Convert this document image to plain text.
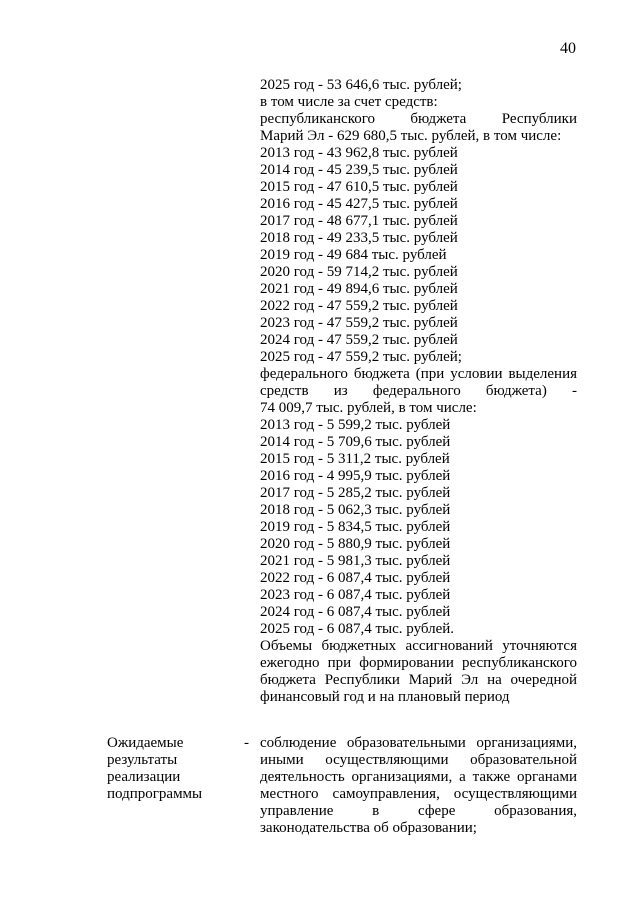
40
2025 год - 53 646,6 тыс. рублей;
в том числе за счет средств:
республиканского бюджета Республики
Марий Эл - 629 680,5 тыс. рублей, в том числе:
2013 год - 43 962,8 тыс. рублей
2014 год - 45 239,5 тыс. рублей
2015 год - 47 610,5 тыс. рублей
2016 год - 45 427,5 тыс. рублей
2017 год - 48 677,1 тыс. рублей
2018 год - 49 233,5 тыс. рублей
2019 год - 49 684 тыс. рублей
2020 год - 59 714,2 тыс. рублей
2021 год - 49 894,6 тыс. рублей
2022 год - 47 559,2 тыс. рублей
2023 год - 47 559,2 тыс. рублей
2024 год - 47 559,2 тыс. рублей
2025 год - 47 559,2 тыс. рублей;
федерального бюджета (при условии выделения
средств из федерального бюджета) -
74 009,7 тыс. рублей, в том числе:
2013 год - 5 599,2 тыс. рублей
2014 год - 5 709,6 тыс. рублей
2015 год - 5 311,2 тыс. рублей
2016 год - 4 995,9 тыс. рублей
2017 год - 5 285,2 тыс. рублей
2018 год - 5 062,3 тыс. рублей
2019 год - 5 834,5 тыс. рублей
2020 год - 5 880,9 тыс. рублей
2021 год - 5 981,3 тыс. рублей
2022 год - 6 087,4 тыс. рублей
2023 год - 6 087,4 тыс. рублей
2024 год - 6 087,4 тыс. рублей
2025 год - 6 087,4 тыс. рублей.
Объемы бюджетных ассигнований уточняются
ежегодно при формировании республиканского
бюджета Республики Марий Эл на очередной
финансовый год и на плановый период
Ожидаемые
результаты
реализации
подпрограммы
- соблюдение образовательными организациями,
иными осуществляющими образовательной
деятельность организациями, а также органами
местного самоуправления, осуществляющими
управление в сфере образования,
законодательства об образовании;
